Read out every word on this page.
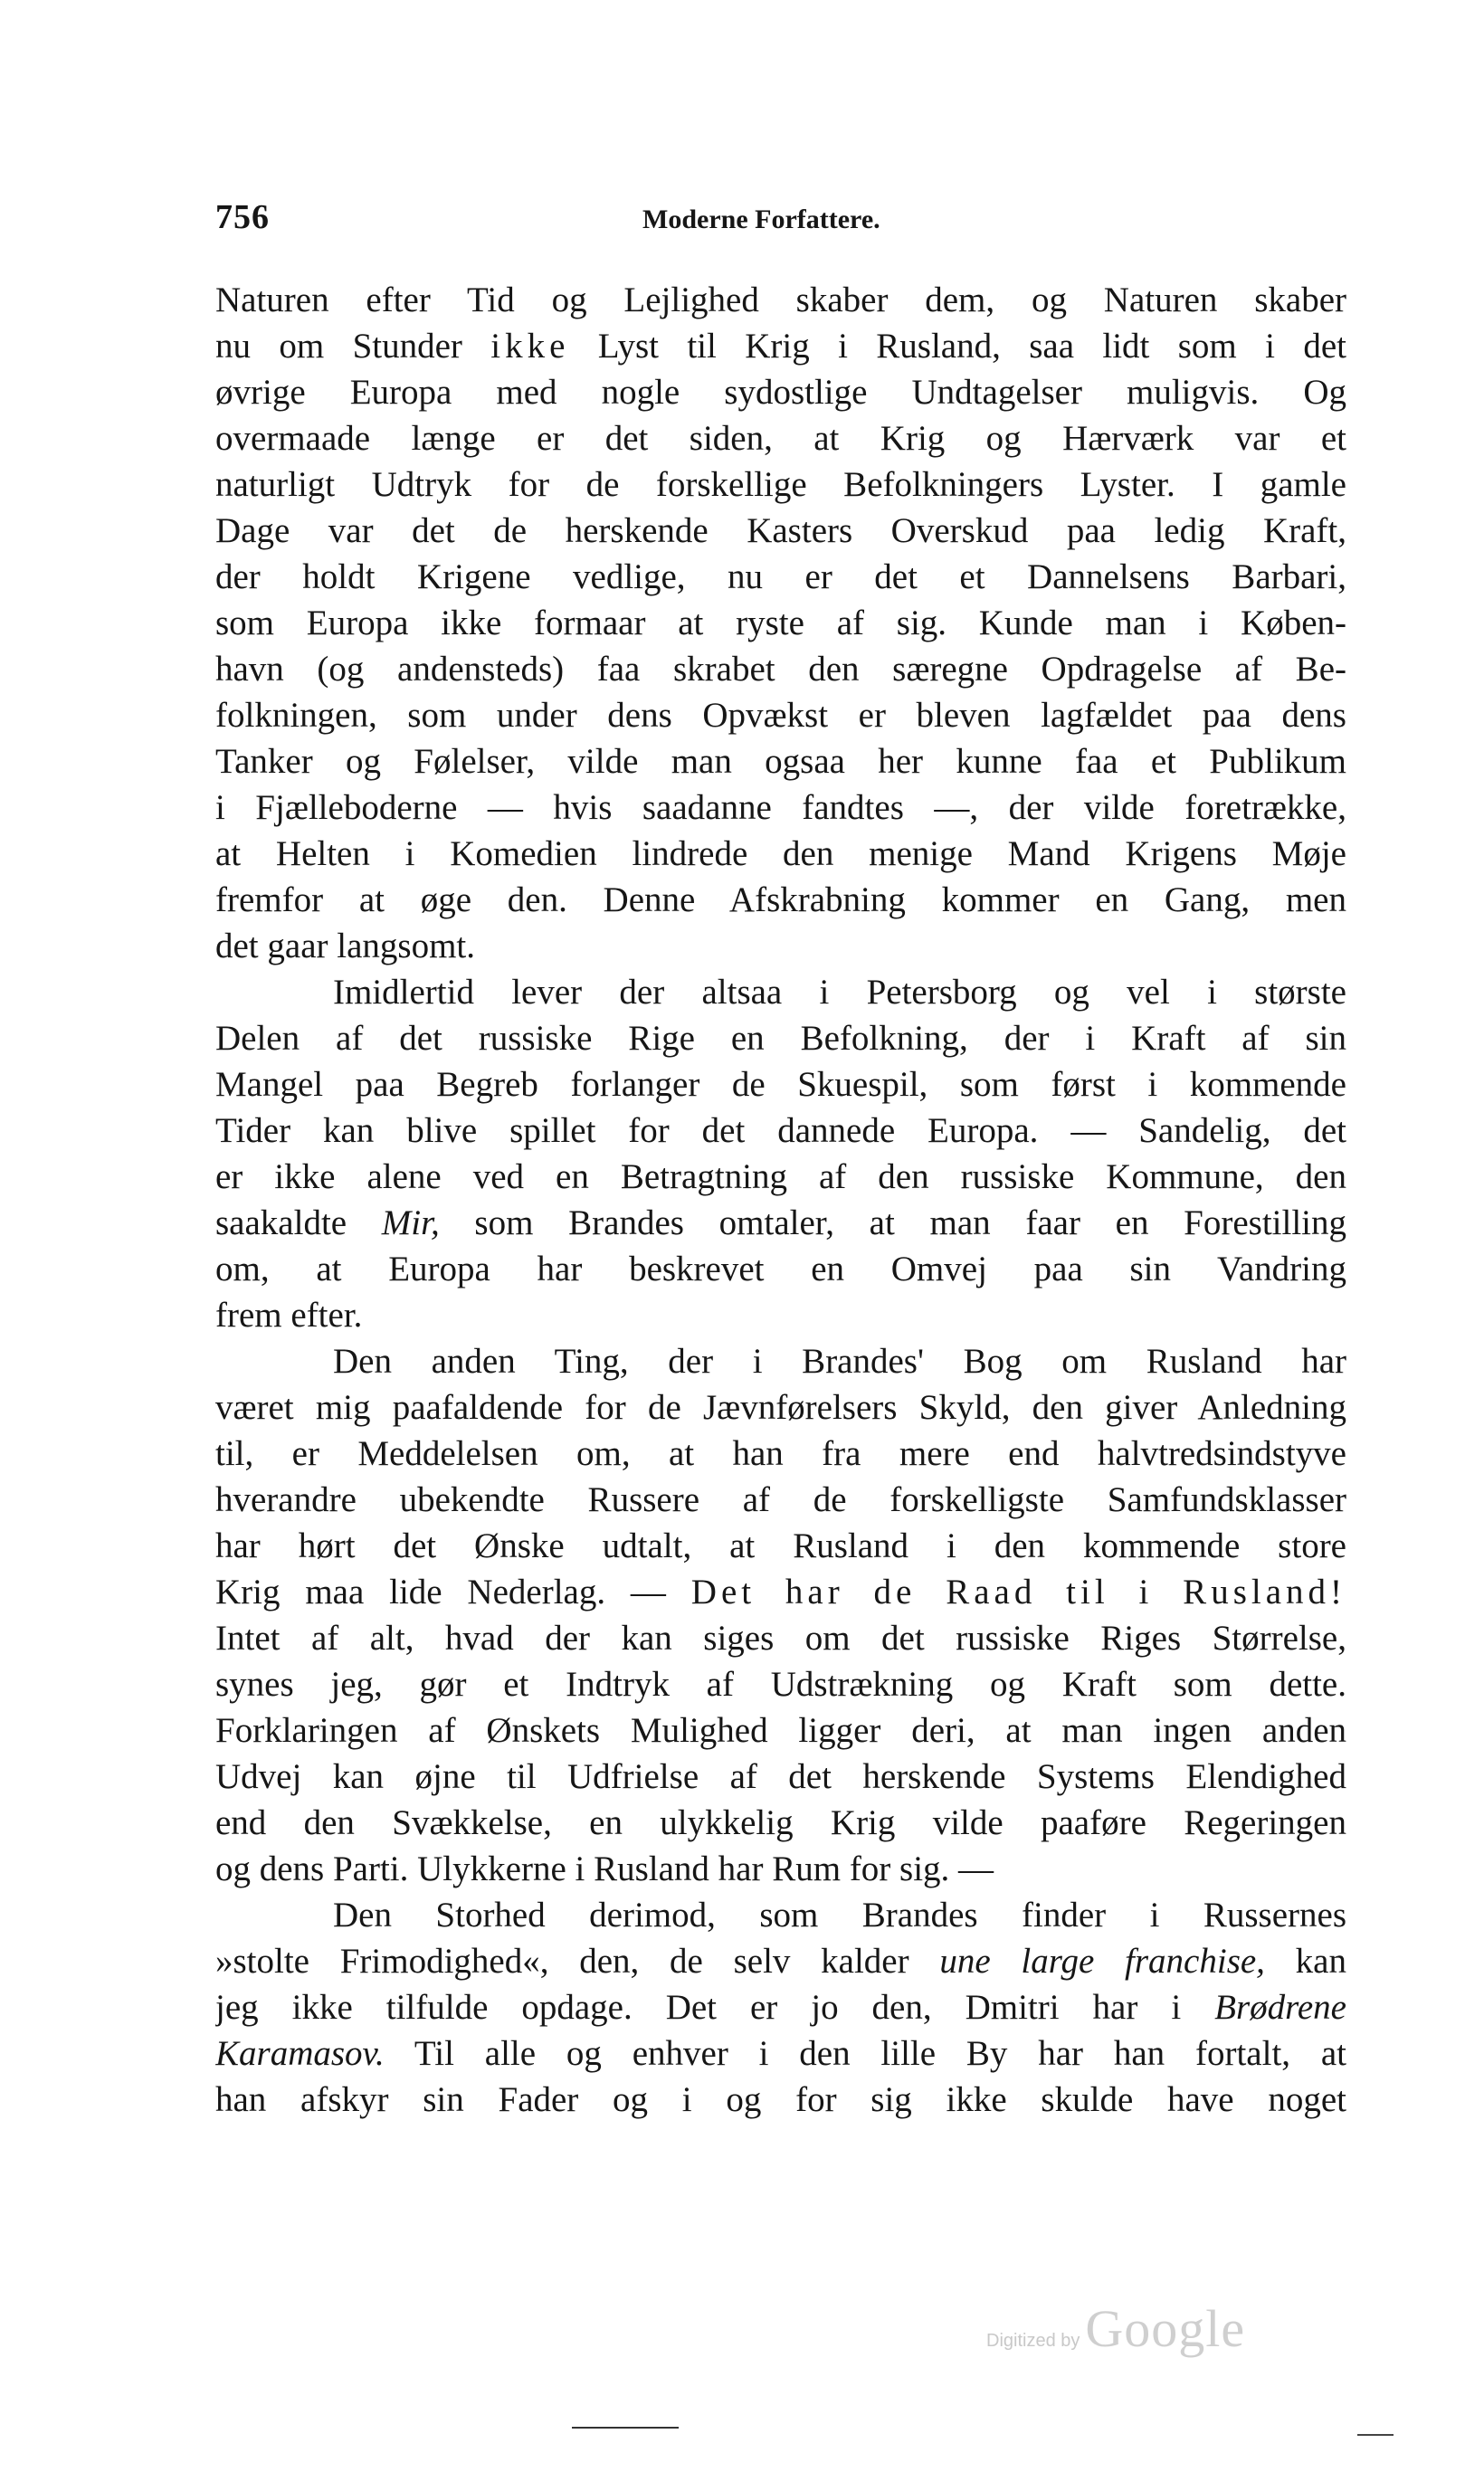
756	Moderne Forfattere.
Naturen efter Tid og Lejlighed skaber dem, og Naturen skaber
nu om Stunder ikke Lyst til Krig i Rusland, saa lidt som i det
øvrige Europa med nogle sydostlige Undtagelser muligvis. Og
overmaade længe er det siden, at Krig og Hærværk var et
naturligt Udtryk for de forskellige Befolkningers Lyster. I gamle
Dage var det de herskende Kasters Overskud paa ledig Kraft,
der holdt Krigene vedlige, nu er det et Dannelsens Barbari,
som Europa ikke formaar at ryste af sig. Kunde man i Køben-
havn (og andensteds) faa skrabet den særegne Opdragelse af Be-
folkningen, som under dens Opvækst er bleven lagfældet paa dens
Tanker og Følelser, vilde man ogsaa her kunne faa et Publikum
i Fjælleboderne — hvis saadanne fandtes —, der vilde foretrække,
at Helten i Komedien lindrede den menige Mand Krigens Møje
fremfor at øge den. Denne Afskrabning kommer en Gang, men
det gaar langsomt.
Imidlertid lever der altsaa i Petersborg og vel i største
Delen af det russiske Rige en Befolkning, der i Kraft af sin
Mangel paa Begreb forlanger de Skuespil, som først i kommende
Tider kan blive spillet for det dannede Europa. — Sandelig, det
er ikke alene ved en Betragtning af den russiske Kommune, den
saakaldte Mir, som Brandes omtaler, at man faar en Forestilling
om, at Europa har beskrevet en Omvej paa sin Vandring
frem efter.
Den anden Ting, der i Brandes' Bog om Rusland har
været mig paafaldende for de Jævnførelsers Skyld, den giver Anledning
til, er Meddelelsen om, at han fra mere end halvtredsindstyve
hverandre ubekendte Russere af de forskelligste Samfundsklasser
har hørt det Ønske udtalt, at Rusland i den kommende store
Krig maa lide Nederlag. — Det har de Raad til i Rusland!
Intet af alt, hvad der kan siges om det russiske Riges Størrelse,
synes jeg, gør et Indtryk af Udstrækning og Kraft som dette.
Forklaringen af Ønskets Mulighed ligger deri, at man ingen anden
Udvej kan øjne til Udfrielse af det herskende Systems Elendighed
end den Svækkelse, en ulykkelig Krig vilde paaføre Regeringen
og dens Parti. Ulykkerne i Rusland har Rum for sig. —
Den Storhed derimod, som Brandes finder i Russernes
»stolte Frimodighed«, den, de selv kalder une large franchise, kan
jeg ikke tilfulde opdage. Det er jo den, Dmitri har i Brødrene
Karamasov. Til alle og enhver i den lille By har han fortalt, at
han afskyr sin Fader og i og for sig ikke skulde have noget
Digitized by Google
